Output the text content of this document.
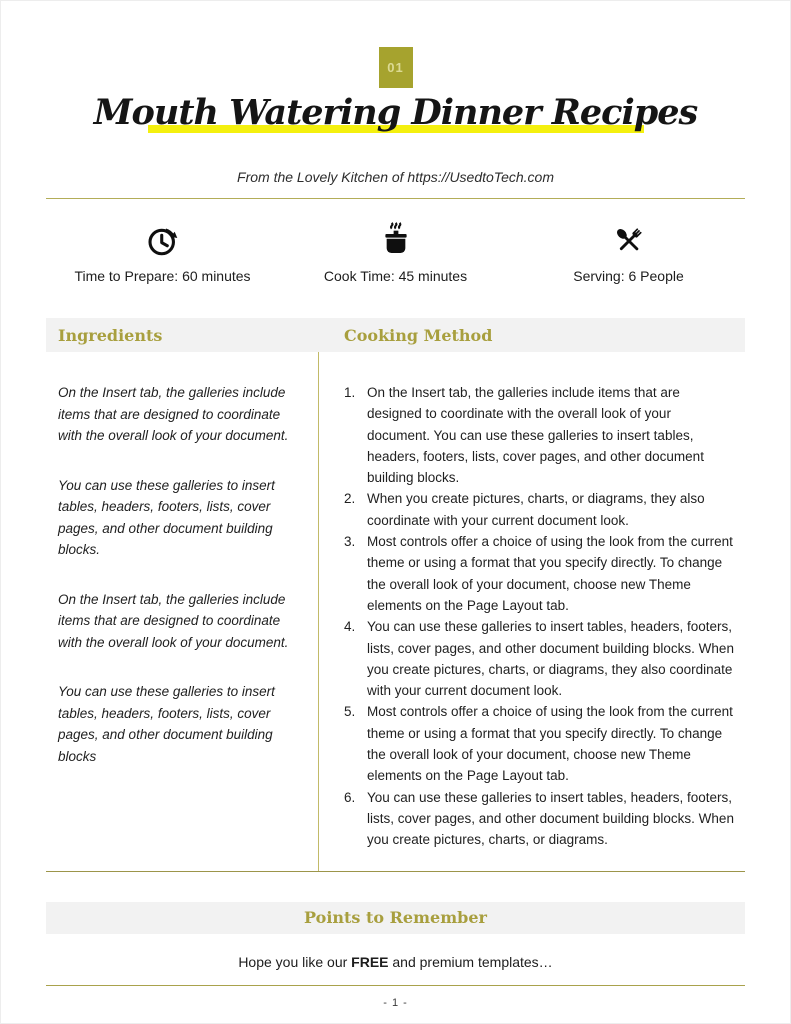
01
Mouth Watering Dinner Recipes
From the Lovely Kitchen of https://UsedtoTech.com
Time to Prepare: 60 minutes	Cook Time: 45 minutes	Serving: 6 People
Ingredients	Cooking Method

On the Insert tab, the galleries include items that are designed to coordinate with the overall look of your document.

You can use these galleries to insert tables, headers, footers, lists, cover pages, and other document building blocks.

On the Insert tab, the galleries include items that are designed to coordinate with the overall look of your document.

You can use these galleries to insert tables, headers, footers, lists, cover pages, and other document building blocks

1. On the Insert tab, the galleries include items that are designed to coordinate with the overall look of your document. You can use these galleries to insert tables, headers, footers, lists, cover pages, and other document building blocks.
2. When you create pictures, charts, or diagrams, they also coordinate with your current document look.
3. Most controls offer a choice of using the look from the current theme or using a format that you specify directly. To change the overall look of your document, choose new Theme elements on the Page Layout tab.
4. You can use these galleries to insert tables, headers, footers, lists, cover pages, and other document building blocks. When you create pictures, charts, or diagrams, they also coordinate with your current document look.
5. Most controls offer a choice of using the look from the current theme or using a format that you specify directly. To change the overall look of your document, choose new Theme elements on the Page Layout tab.
6. You can use these galleries to insert tables, headers, footers, lists, cover pages, and other document building blocks. When you create pictures, charts, or diagrams.
Points to Remember

Hope you like our FREE and premium templates…

- 1 -
